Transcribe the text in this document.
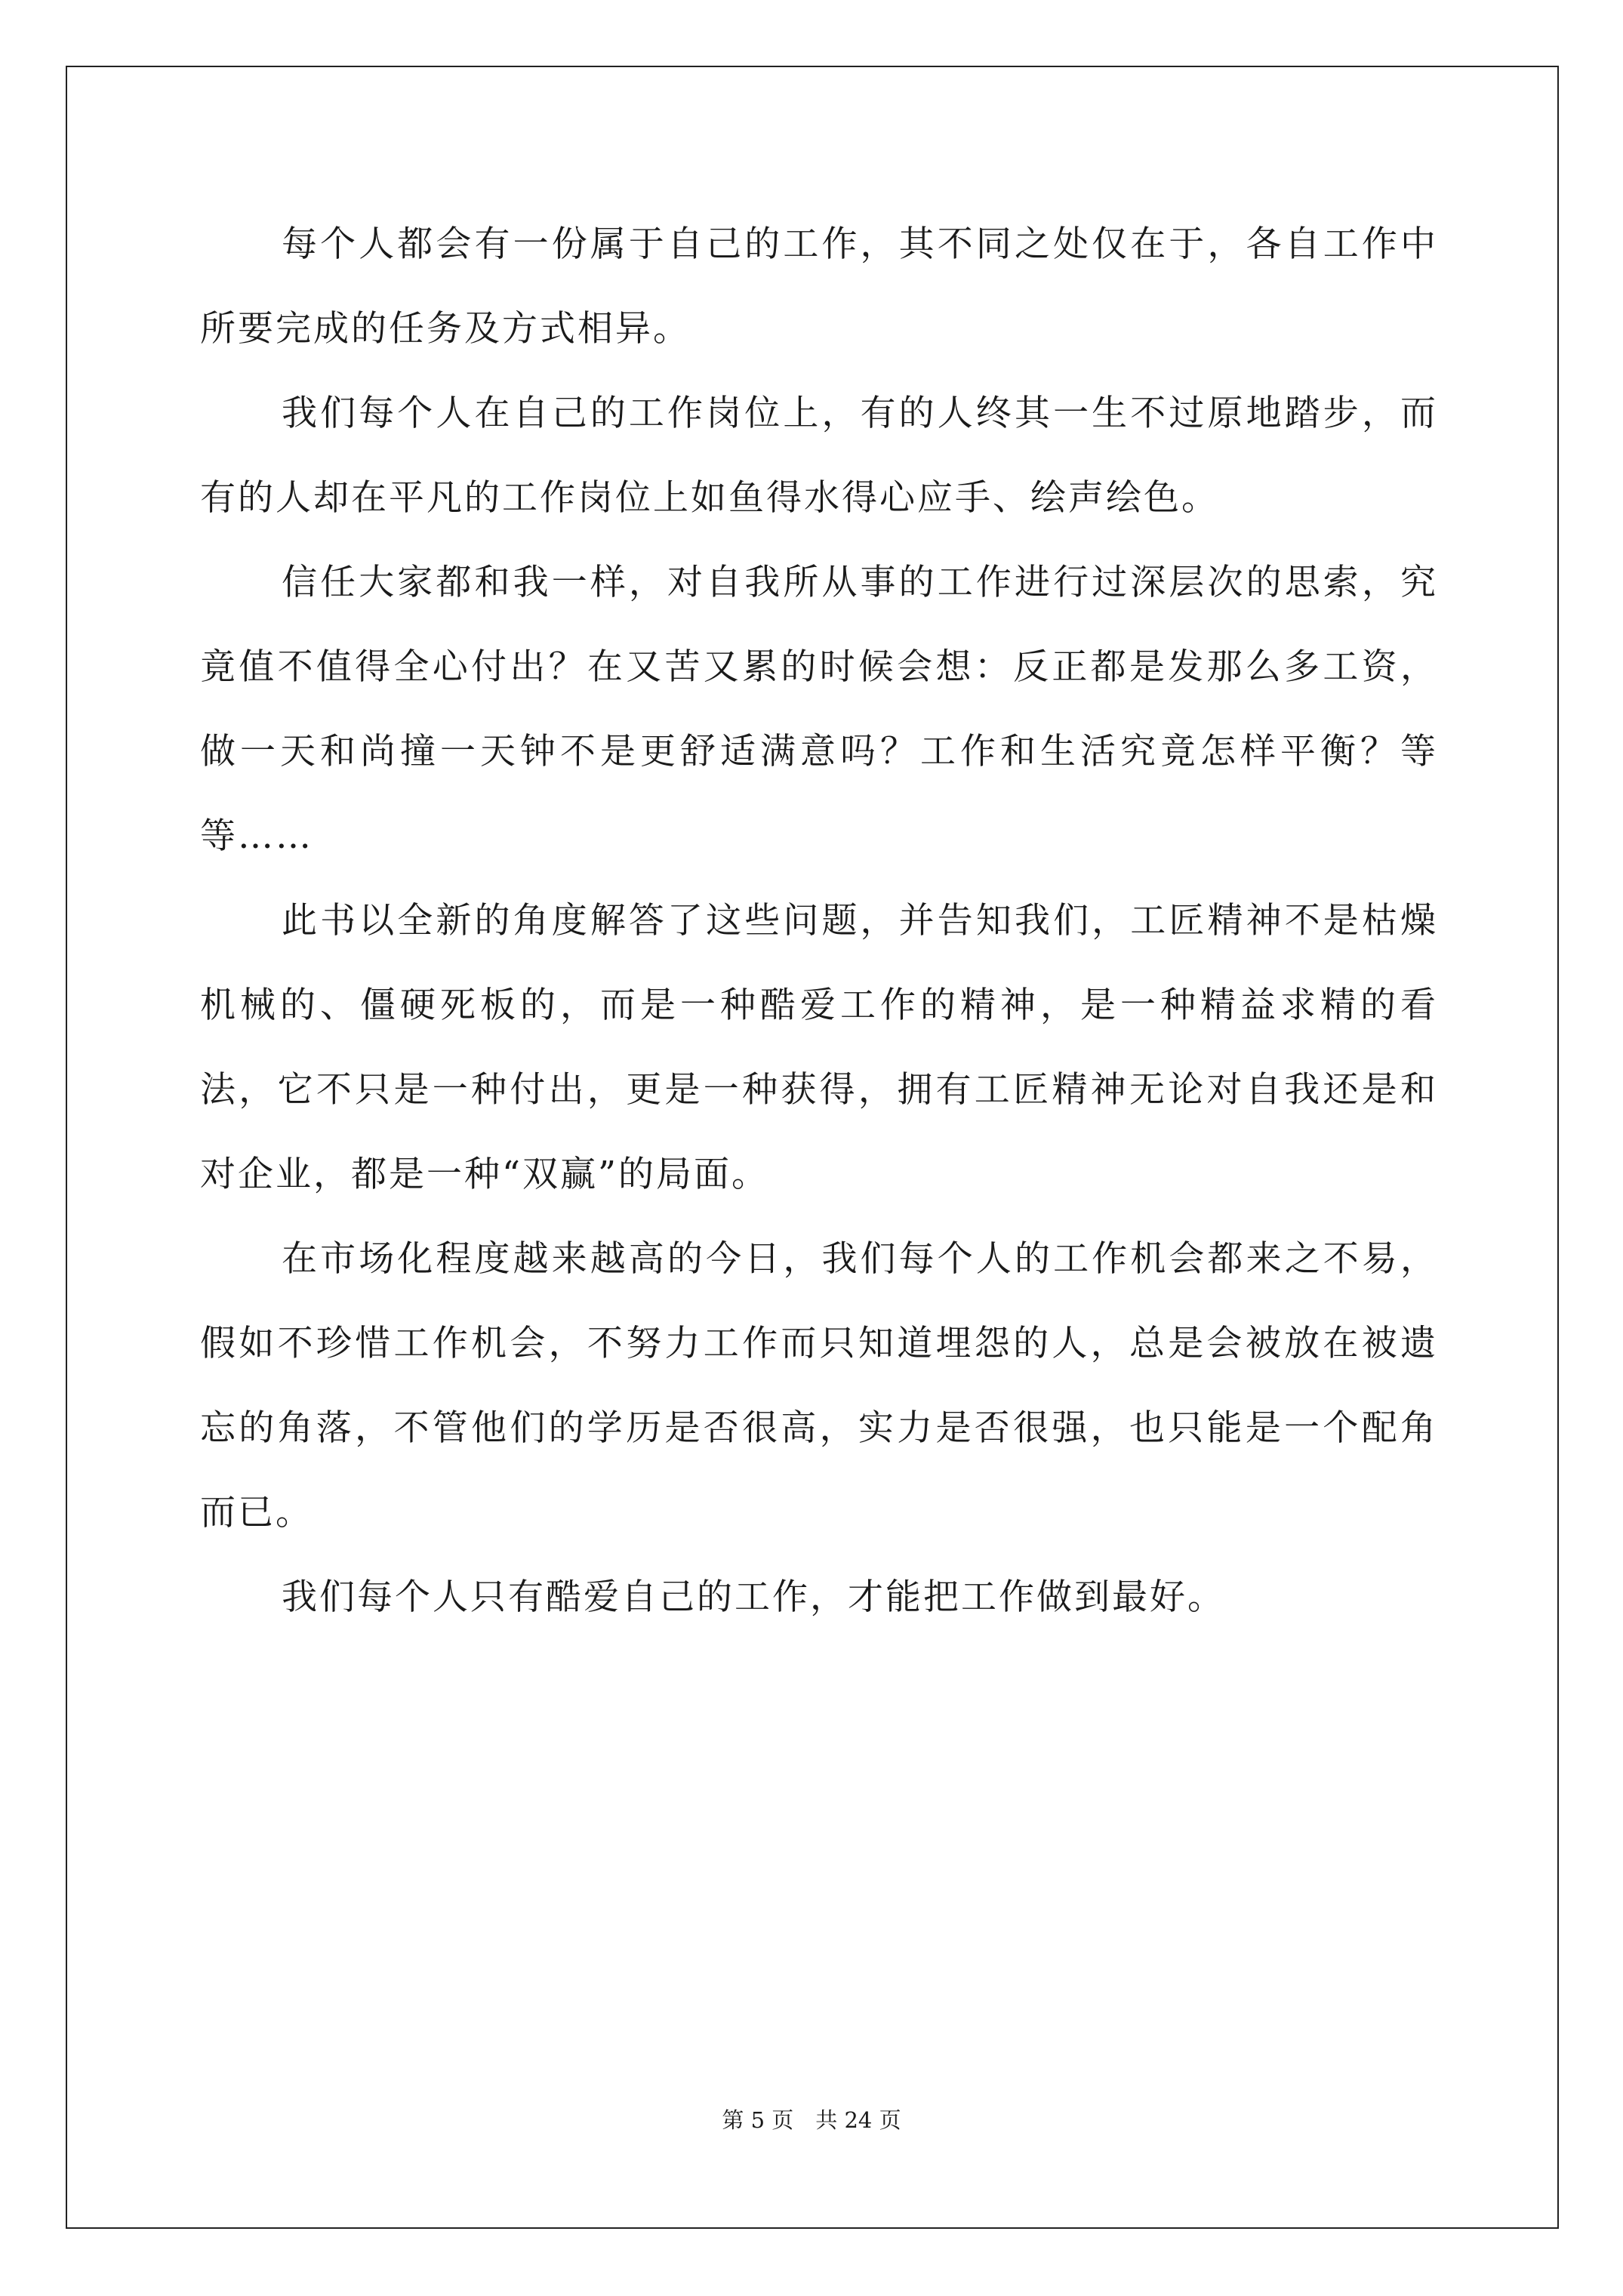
每个人都会有一份属于自己的工作，其不同之处仅在于，各自工作中所要完成的任务及方式相异。

我们每个人在自己的工作岗位上，有的人终其一生不过原地踏步，而有的人却在平凡的工作岗位上如鱼得水得心应手、绘声绘色。

信任大家都和我一样，对自我所从事的工作进行过深层次的思索，究竟值不值得全心付出？在又苦又累的时候会想：反正都是发那么多工资，做一天和尚撞一天钟不是更舒适满意吗？工作和生活究竟怎样平衡？等等……

此书以全新的角度解答了这些问题，并告知我们，工匠精神不是枯燥机械的、僵硬死板的，而是一种酷爱工作的精神，是一种精益求精的看法，它不只是一种付出，更是一种获得，拥有工匠精神无论对自我还是和对企业，都是一种“双赢”的局面。

在市场化程度越来越高的今日，我们每个人的工作机会都来之不易，假如不珍惜工作机会，不努力工作而只知道埋怨的人，总是会被放在被遗忘的角落，不管他们的学历是否很高，实力是否很强，也只能是一个配角而已。

我们每个人只有酷爱自己的工作，才能把工作做到最好。

第 5 页　共 24 页
